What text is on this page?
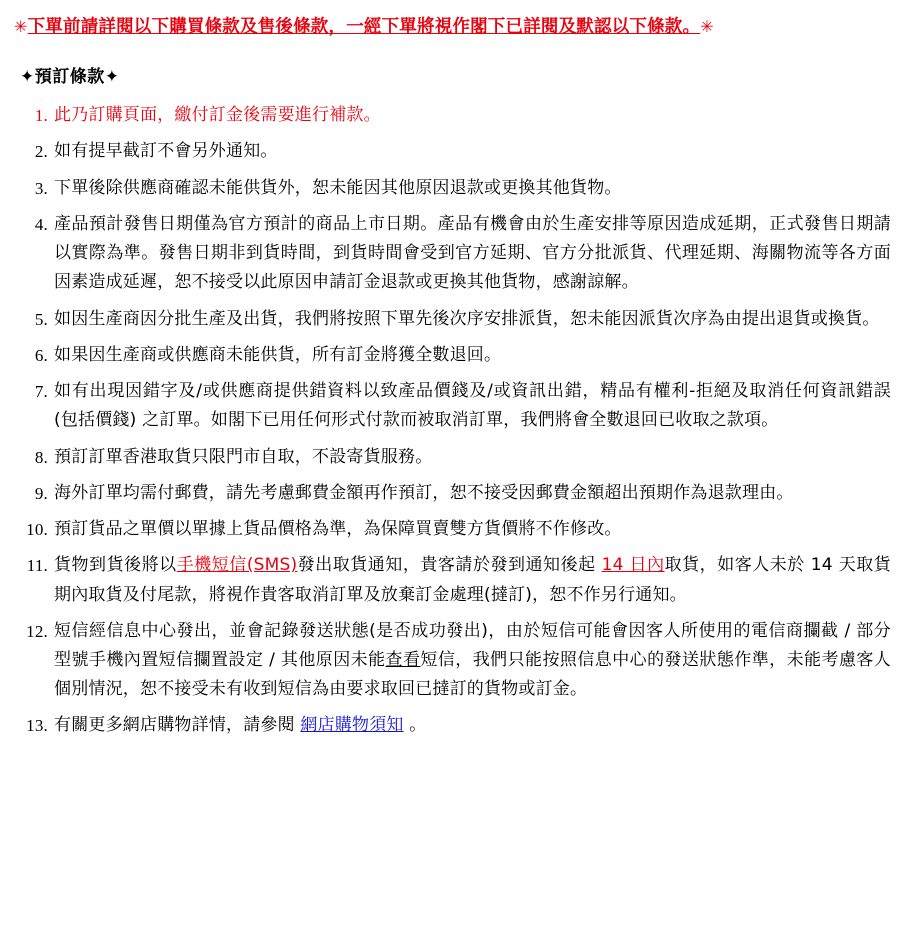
✳下單前請詳閱以下購買條款及售後條款，一經下單將視作閣下已詳閱及默認以下條款。✳
✦預訂條款✦
此乃訂購頁面，繳付訂金後需要進行補款。
如有提早截訂不會另外通知。
下單後除供應商確認未能供貨外，恕未能因其他原因退款或更換其他貨物。
產品預計發售日期僅為官方預計的商品上市日期。產品有機會由於生產安排等原因造成延期，正式發售日期請以實際為準。發售日期非到貨時間，到貨時間會受到官方延期、官方分批派貨、代理延期、海關物流等各方面因素造成延遲，恕不接受以此原因申請訂金退款或更換其他貨物，感謝諒解。
如因生產商因分批生產及出貨，我們將按照下單先後次序安排派貨，恕未能因派貨次序為由提出退貨或換貨。
如果因生產商或供應商未能供貨，所有訂金將獲全數退回。
如有出現因錯字及/或供應商提供錯資料以致產品價錢及/或資訊出錯，精品有權利-拒絕及取消任何資訊錯誤 (包括價錢) 之訂單。如閣下已用任何形式付款而被取消訂單，我們將會全數退回已收取之款項。
預訂訂單香港取貨只限門市自取，不設寄貨服務。
海外訂單均需付郵費，請先考慮郵費金額再作預訂，恕不接受因郵費金額超出預期作為退款理由。
預訂貨品之單價以單據上貨品價格為準，為保障買賣雙方貨價將不作修改。
貨物到貨後將以手機短信(SMS)發出取貨通知，貴客請於發到通知後起 14 日內取貨，如客人未於 14 天取貨期內取貨及付尾款，將視作貴客取消訂單及放棄訂金處理(撻訂)，恕不作另行通知。
短信經信息中心發出，並會記錄發送狀態(是否成功發出)，由於短信可能會因客人所使用的電信商攔截 / 部分型號手機內置短信攔置設定 / 其他原因未能查看短信，我們只能按照信息中心的發送狀態作準，未能考慮客人個別情況，恕不接受未有收到短信為由要求取回已撻訂的貨物或訂金。
有關更多網店購物詳情，請參閱 網店購物須知 。
